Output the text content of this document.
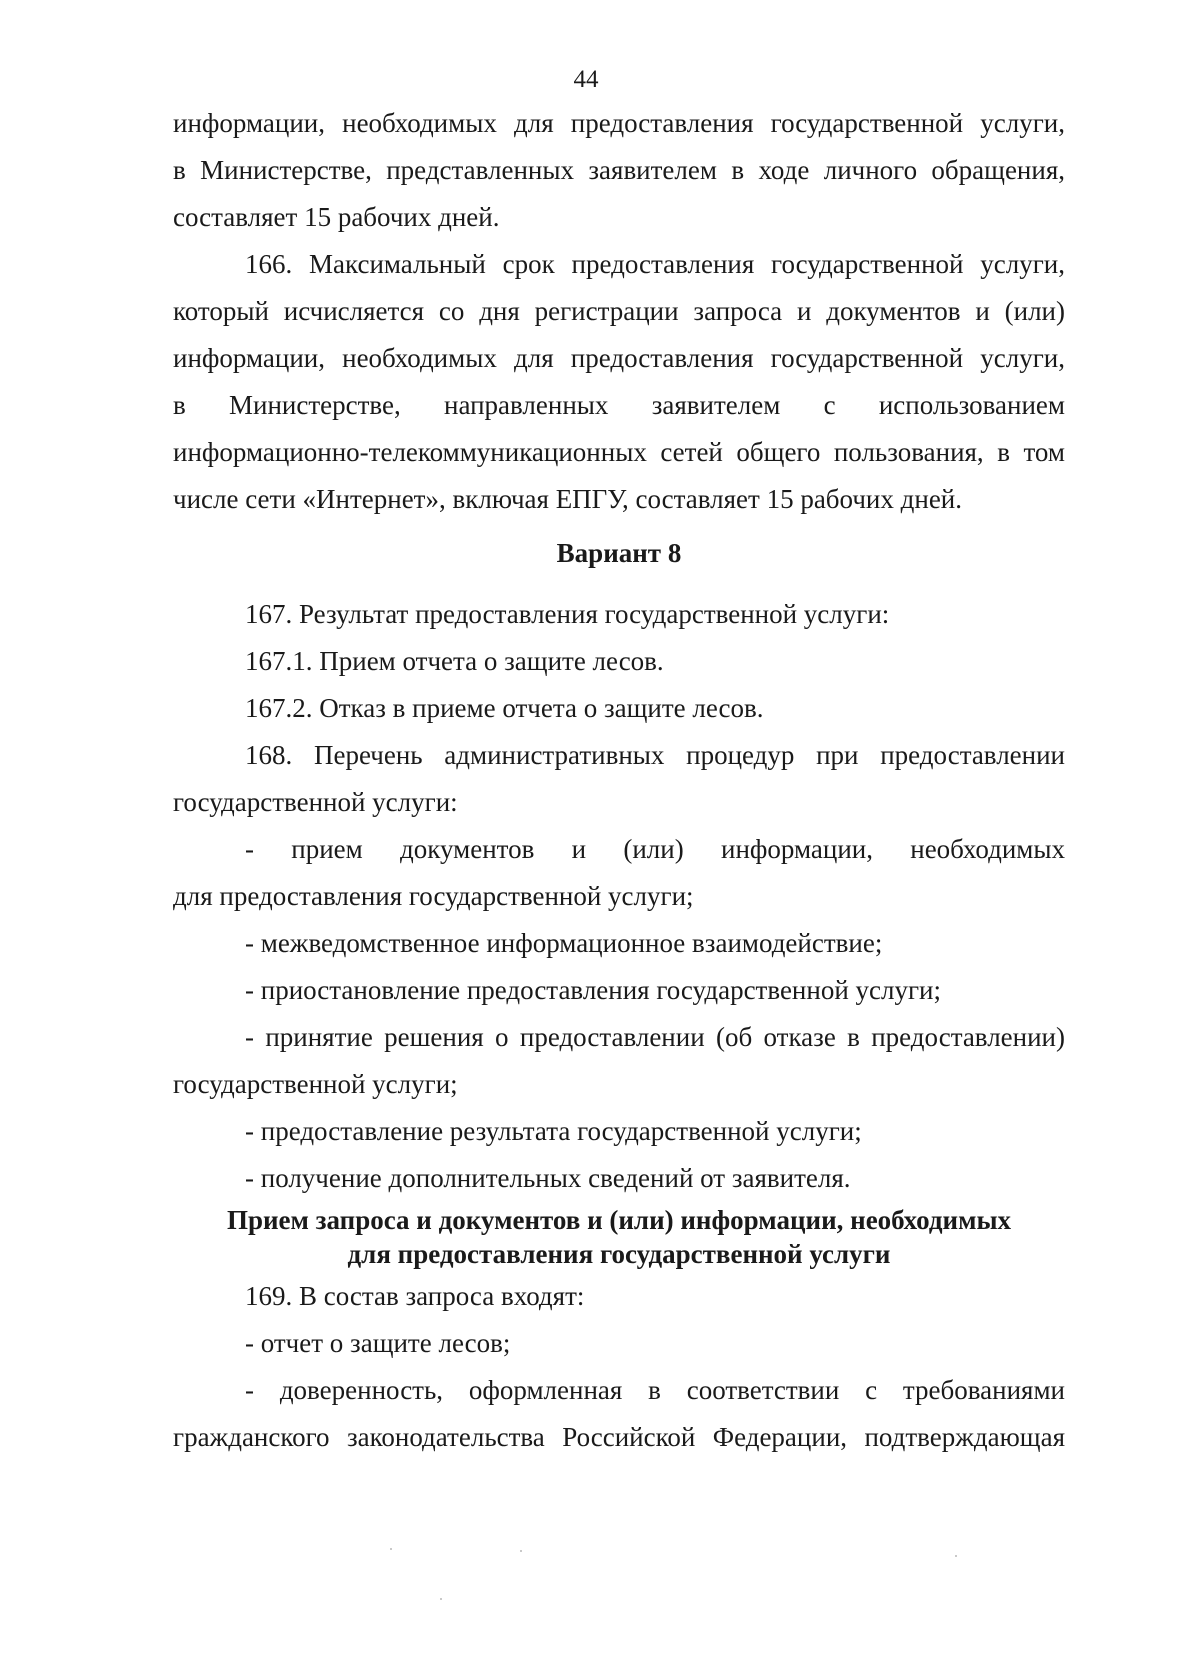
44
информации, необходимых для предоставления государственной услуги,
в Министерстве, представленных заявителем в ходе личного обращения,
составляет 15 рабочих дней.
166. Максимальный срок предоставления государственной услуги,
который исчисляется со дня регистрации запроса и документов и (или)
информации, необходимых для предоставления государственной услуги,
в Министерстве, направленных заявителем с использованием
информационно-телекоммуникационных сетей общего пользования, в том
числе сети «Интернет», включая ЕПГУ, составляет 15 рабочих дней.
Вариант 8
167. Результат предоставления государственной услуги:
167.1. Прием отчета о защите лесов.
167.2. Отказ в приеме отчета о защите лесов.
168. Перечень административных процедур при предоставлении
государственной услуги:
- прием документов и (или) информации, необходимых
для предоставления государственной услуги;
- межведомственное информационное взаимодействие;
- приостановление предоставления государственной услуги;
- принятие решения о предоставлении (об отказе в предоставлении)
государственной услуги;
- предоставление результата государственной услуги;
- получение дополнительных сведений от заявителя.
Прием запроса и документов и (или) информации, необходимых
для предоставления государственной услуги
169. В состав запроса входят:
- отчет о защите лесов;
- доверенность, оформленная в соответствии с требованиями
гражданского законодательства Российской Федерации, подтверждающая
